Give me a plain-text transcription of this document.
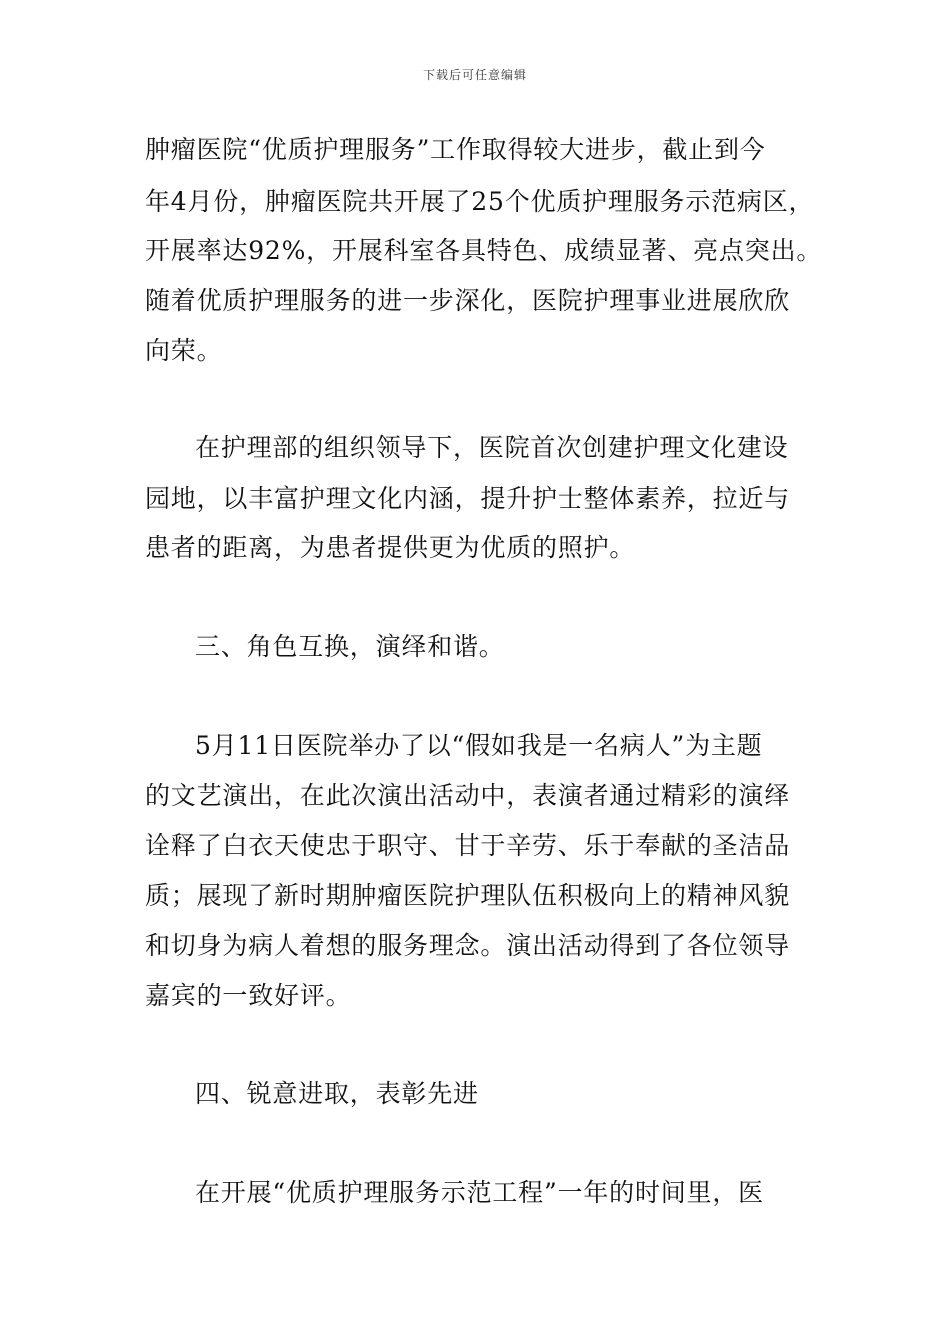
下载后可任意编辑
肿瘤医院“优质护理服务”工作取得较大进步，截止到今
年4月份，肿瘤医院共开展了25个优质护理服务示范病区，
开展率达92%，开展科室各具特色、成绩显著、亮点突出。
随着优质护理服务的进一步深化，医院护理事业进展欣欣
向荣。
在护理部的组织领导下，医院首次创建护理文化建设
园地，以丰富护理文化内涵，提升护士整体素养，拉近与
患者的距离，为患者提供更为优质的照护。
三、角色互换，演绎和谐。
5月11日医院举办了以“假如我是一名病人”为主题
的文艺演出，在此次演出活动中，表演者通过精彩的演绎
诠释了白衣天使忠于职守、甘于辛劳、乐于奉献的圣洁品
质；展现了新时期肿瘤医院护理队伍积极向上的精神风貌
和切身为病人着想的服务理念。演出活动得到了各位领导
嘉宾的一致好评。
四、锐意进取，表彰先进
在开展“优质护理服务示范工程”一年的时间里，医
